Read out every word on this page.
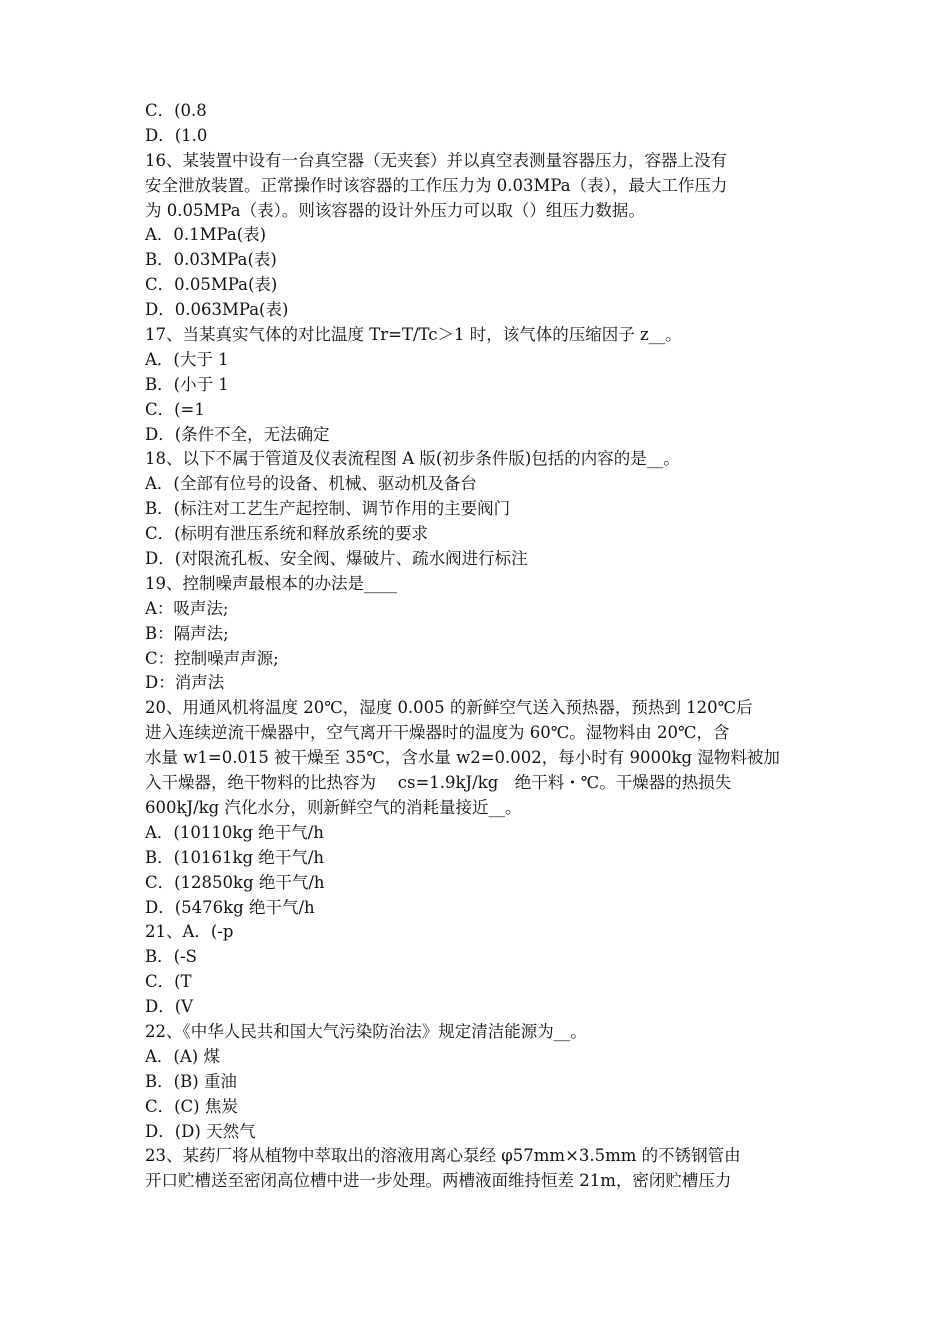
C．(0.8
D．(1.0
16、某装置中设有一台真空器（无夹套）并以真空表测量容器压力，容器上没有
安全泄放装置。正常操作时该容器的工作压力为 0.03MPa（表），最大工作压力
为 0.05MPa（表）。则该容器的设计外压力可以取（）组压力数据。
A．0.1MPa(表)
B．0.03MPa(表)
C．0.05MPa(表)
D．0.063MPa(表)
17、当某真实气体的对比温度 Tr=T/Tc＞1 时，该气体的压缩因子 z__。
A．(大于 1
B．(小于 1
C．(=1
D．(条件不全，无法确定
18、以下不属于管道及仪表流程图 A 版(初步条件版)包括的内容的是__。
A．(全部有位号的设备、机械、驱动机及备台
B．(标注对工艺生产起控制、调节作用的主要阀门
C．(标明有泄压系统和释放系统的要求
D．(对限流孔板、安全阀、爆破片、疏水阀进行标注
19、控制噪声最根本的办法是____
A：吸声法;
B：隔声法;
C：控制噪声声源;
D：消声法
20、用通风机将温度 20℃，湿度 0.005 的新鲜空气送入预热器，预热到 120℃后
进入连续逆流干燥器中，空气离开干燥器时的温度为 60℃。湿物料由 20℃，含
水量 w1=0.015 被干燥至 35℃，含水量 w2=0.002，每小时有 9000kg 湿物料被加
入干燥器，绝干物料的比热容为　 cs=1.9kJ/kg　绝干料・℃。干燥器的热损失
600kJ/kg 汽化水分，则新鲜空气的消耗量接近__。
A．(10110kg 绝干气/h
B．(10161kg 绝干气/h
C．(12850kg 绝干气/h
D．(5476kg 绝干气/h
21、A．(-p
B．(-S
C．(T
D．(V
22、《中华人民共和国大气污染防治法》规定清洁能源为__。
A．(A) 煤
B．(B) 重油
C．(C) 焦炭
D．(D) 天然气
23、某药厂将从植物中萃取出的溶液用离心泵经 φ57mm×3.5mm 的不锈钢管由
开口贮槽送至密闭高位槽中进一步处理。两槽液面维持恒差 21m，密闭贮槽压力
